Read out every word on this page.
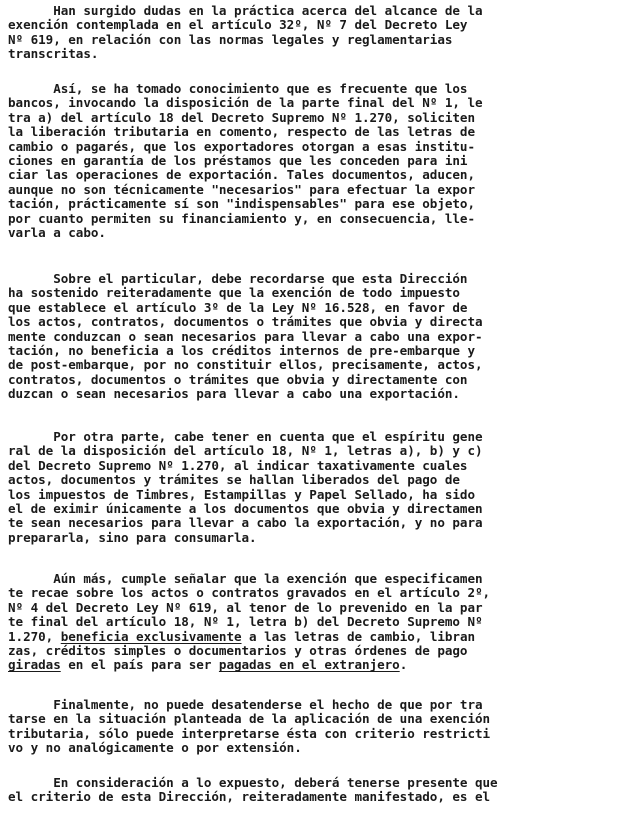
Han surgido dudas en la práctica acerca del alcance de la
exención contemplada en el artículo 32º, Nº 7 del Decreto Ley
Nº 619, en relación con las normas legales y reglamentarias
transcritas.
Así, se ha tomado conocimiento que es frecuente que los
bancos, invocando la disposición de la parte final del Nº 1, le
tra a) del artículo 18 del Decreto Supremo Nº 1.270, soliciten
la liberación tributaria en comento, respecto de las letras de
cambio o pagarés, que los exportadores otorgan a esas institu-
ciones en garantía de los préstamos que les conceden para ini
ciar las operaciones de exportación. Tales documentos, aducen,
aunque no son técnicamente "necesarios" para efectuar la expor
tación, prácticamente sí son "indispensables" para ese objeto,
por cuanto permiten su financiamiento y, en consecuencia, lle-
varla a cabo.
Sobre el particular, debe recordarse que esta Dirección
ha sostenido reiteradamente que la exención de todo impuesto
que establece el artículo 3º de la Ley Nº 16.528, en favor de
los actos, contratos, documentos o trámites que obvia y directa
mente conduzcan o sean necesarios para llevar a cabo una expor-
tación, no beneficia a los créditos internos de pre-embarque y
de post-embarque, por no constituir ellos, precisamente, actos,
contratos, documentos o trámites que obvia y directamente con
duzcan o sean necesarios para llevar a cabo una exportación.
Por otra parte, cabe tener en cuenta que el espíritu gene
ral de la disposición del artículo 18, Nº 1, letras a), b) y c)
del Decreto Supremo Nº 1.270, al indicar taxativamente cuales
actos, documentos y trámites se hallan liberados del pago de
los impuestos de Timbres, Estampillas y Papel Sellado, ha sido
el de eximir únicamente a los documentos que obvia y directamen
te sean necesarios para llevar a cabo la exportación, y no para
prepararla, sino para consumarla.
Aún más, cumple señalar que la exención que especificamen
te recae sobre los actos o contratos gravados en el artículo 2º,
Nº 4 del Decreto Ley Nº 619, al tenor de lo prevenido en la par
te final del artículo 18, Nº 1, letra b) del Decreto Supremo Nº
1.270, beneficia exclusivamente a las letras de cambio, libran
zas, créditos simples o documentarios y otras órdenes de pago
giradas en el país para ser pagadas en el extranjero.
Finalmente, no puede desatenderse el hecho de que por tra
tarse en la situación planteada de la aplicación de una exención
tributaria, sólo puede interpretarse ésta con criterio restricti
vo y no analógicamente o por extensión.
En consideración a lo expuesto, deberá tenerse presente que
el criterio de esta Dirección, reiteradamente manifestado, es el
